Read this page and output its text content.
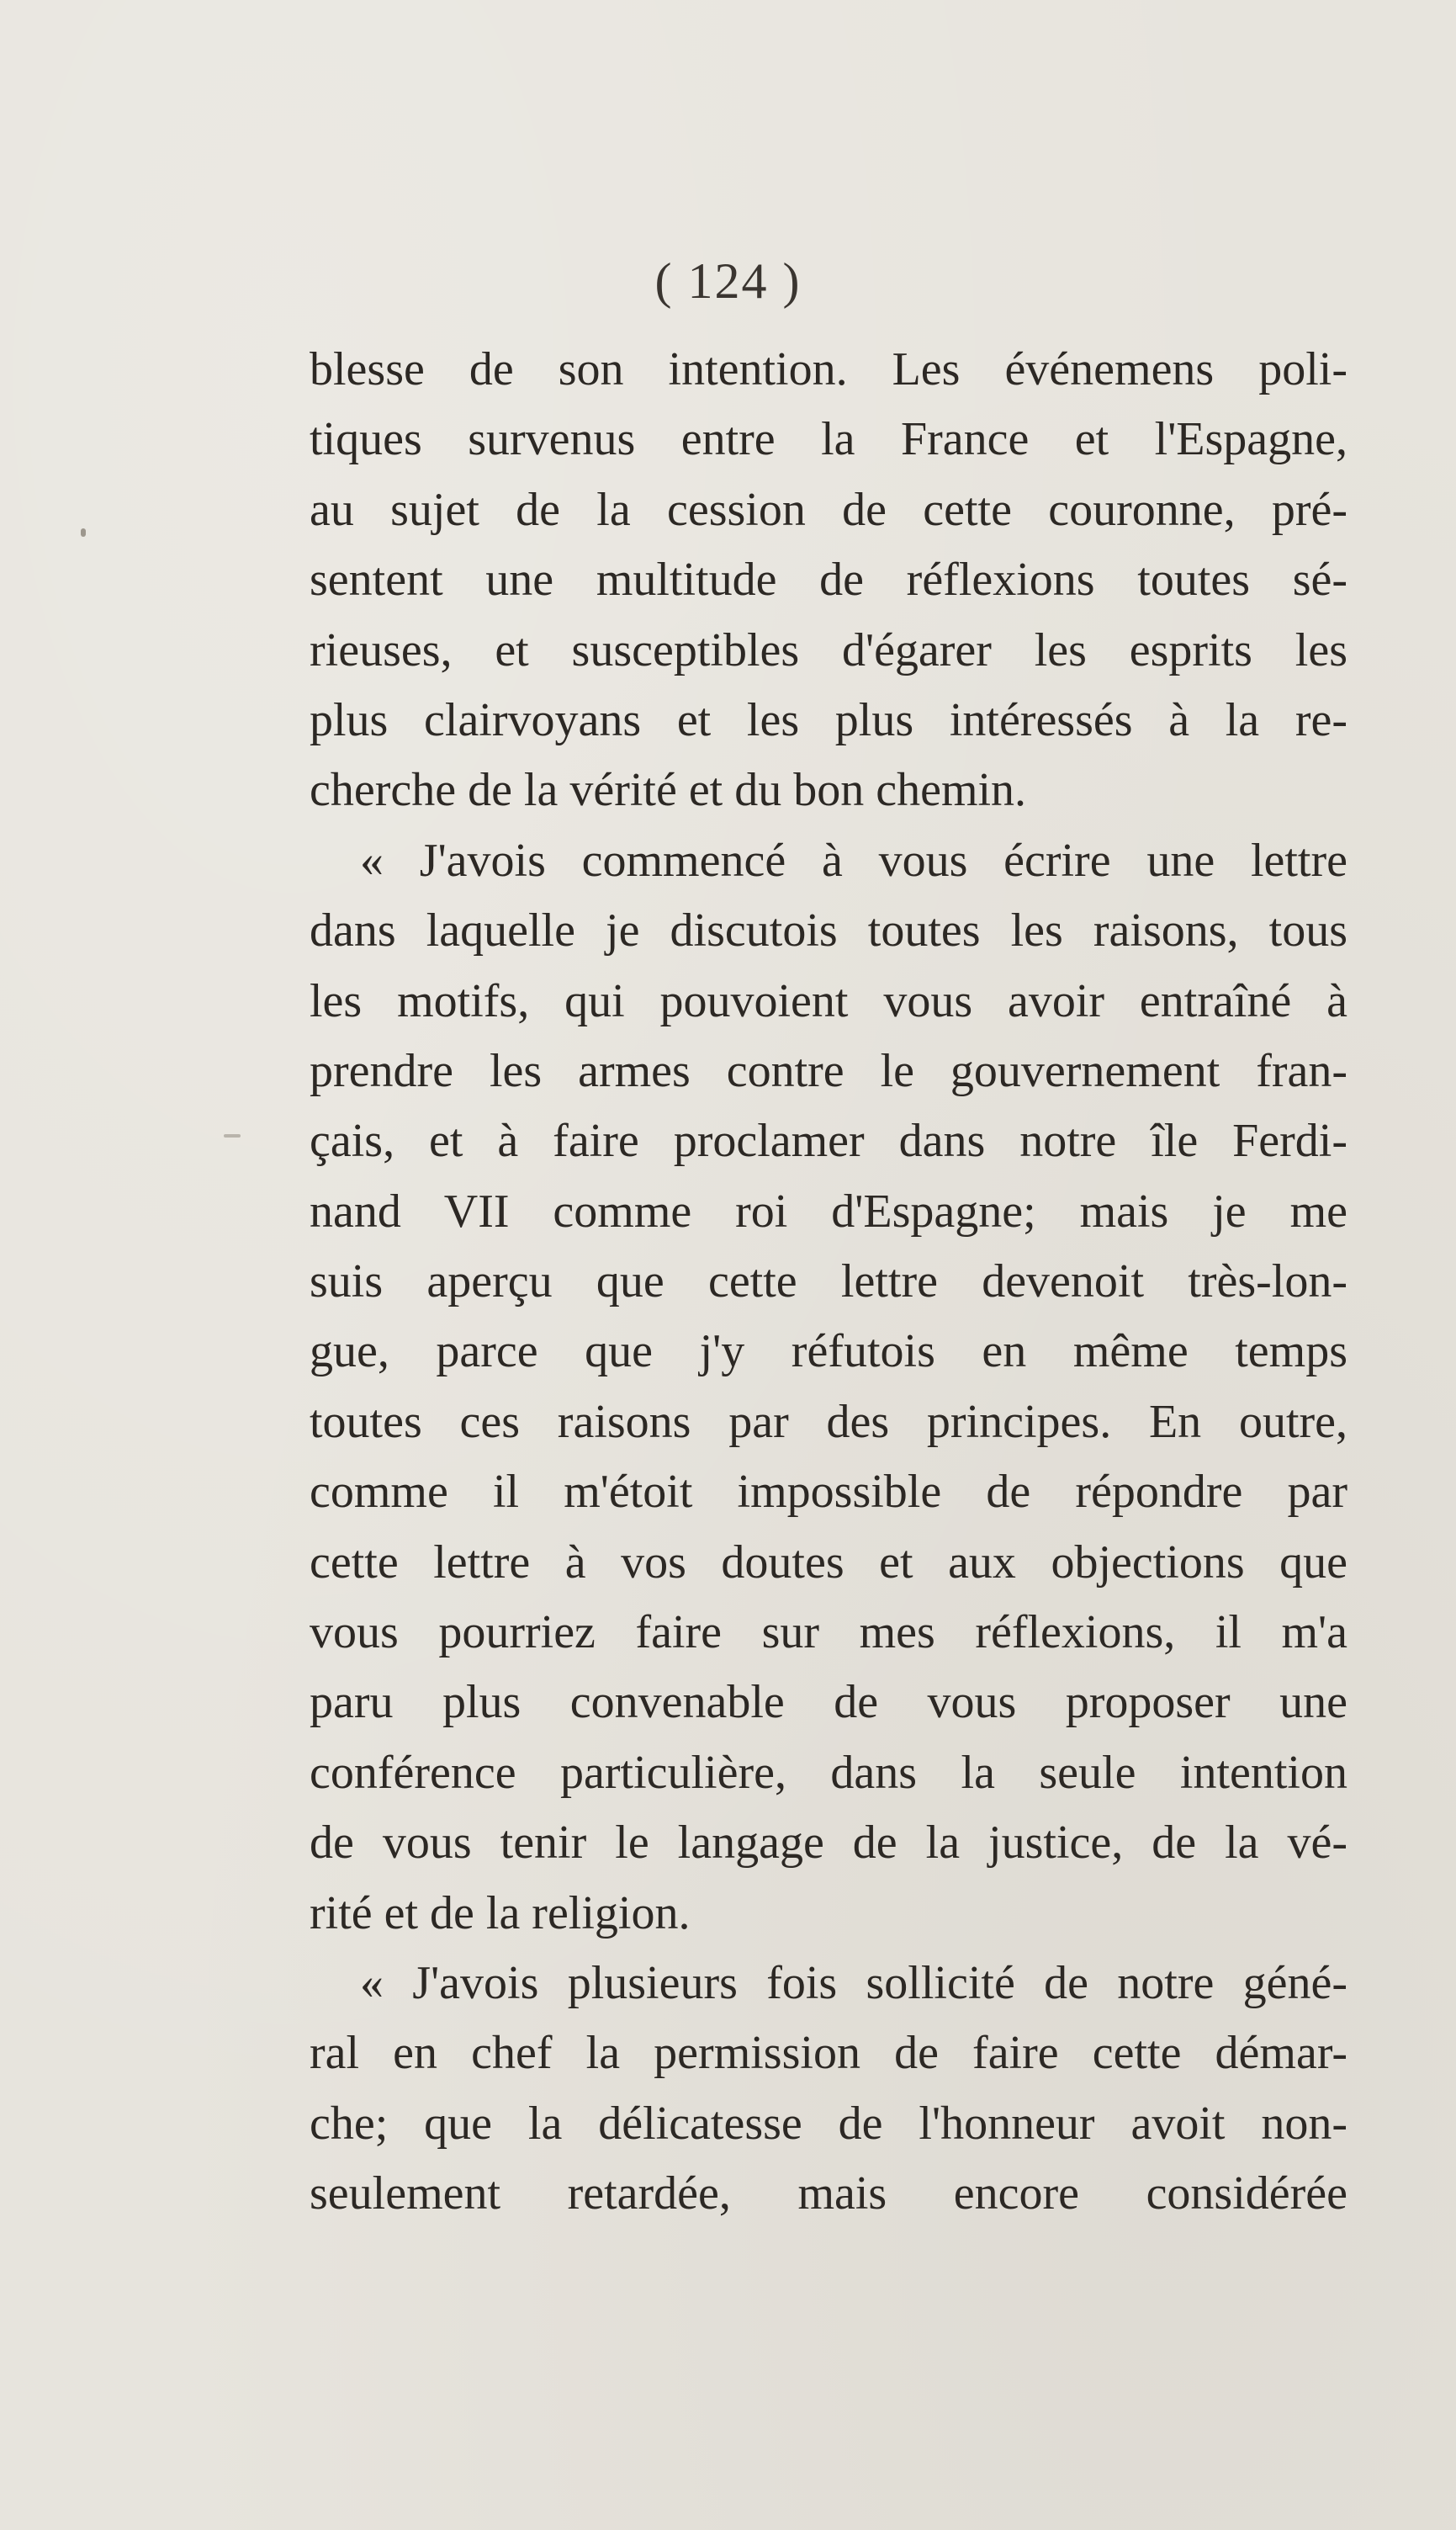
( 124 )
blesse de son intention. Les événemens poli-
tiques survenus entre la France et l'Espagne,
au sujet de la cession de cette couronne, pré-
sentent une multitude de réflexions toutes sé-
rieuses, et susceptibles d'égarer les esprits les
plus clairvoyans et les plus intéressés à la re-
cherche de la vérité et du bon chemin.
« J'avois commencé à vous écrire une lettre
dans laquelle je discutois toutes les raisons, tous
les motifs, qui pouvoient vous avoir entraîné à
prendre les armes contre le gouvernement fran-
çais, et à faire proclamer dans notre île Ferdi-
nand VII comme roi d'Espagne; mais je me
suis aperçu que cette lettre devenoit très-lon-
gue, parce que j'y réfutois en même temps
toutes ces raisons par des principes. En outre,
comme il m'étoit impossible de répondre par
cette lettre à vos doutes et aux objections que
vous pourriez faire sur mes réflexions, il m'a
paru plus convenable de vous proposer une
conférence particulière, dans la seule intention
de vous tenir le langage de la justice, de la vé-
rité et de la religion.
« J'avois plusieurs fois sollicité de notre géné-
ral en chef la permission de faire cette démar-
che; que la délicatesse de l'honneur avoit non-
seulement retardée, mais encore considérée
